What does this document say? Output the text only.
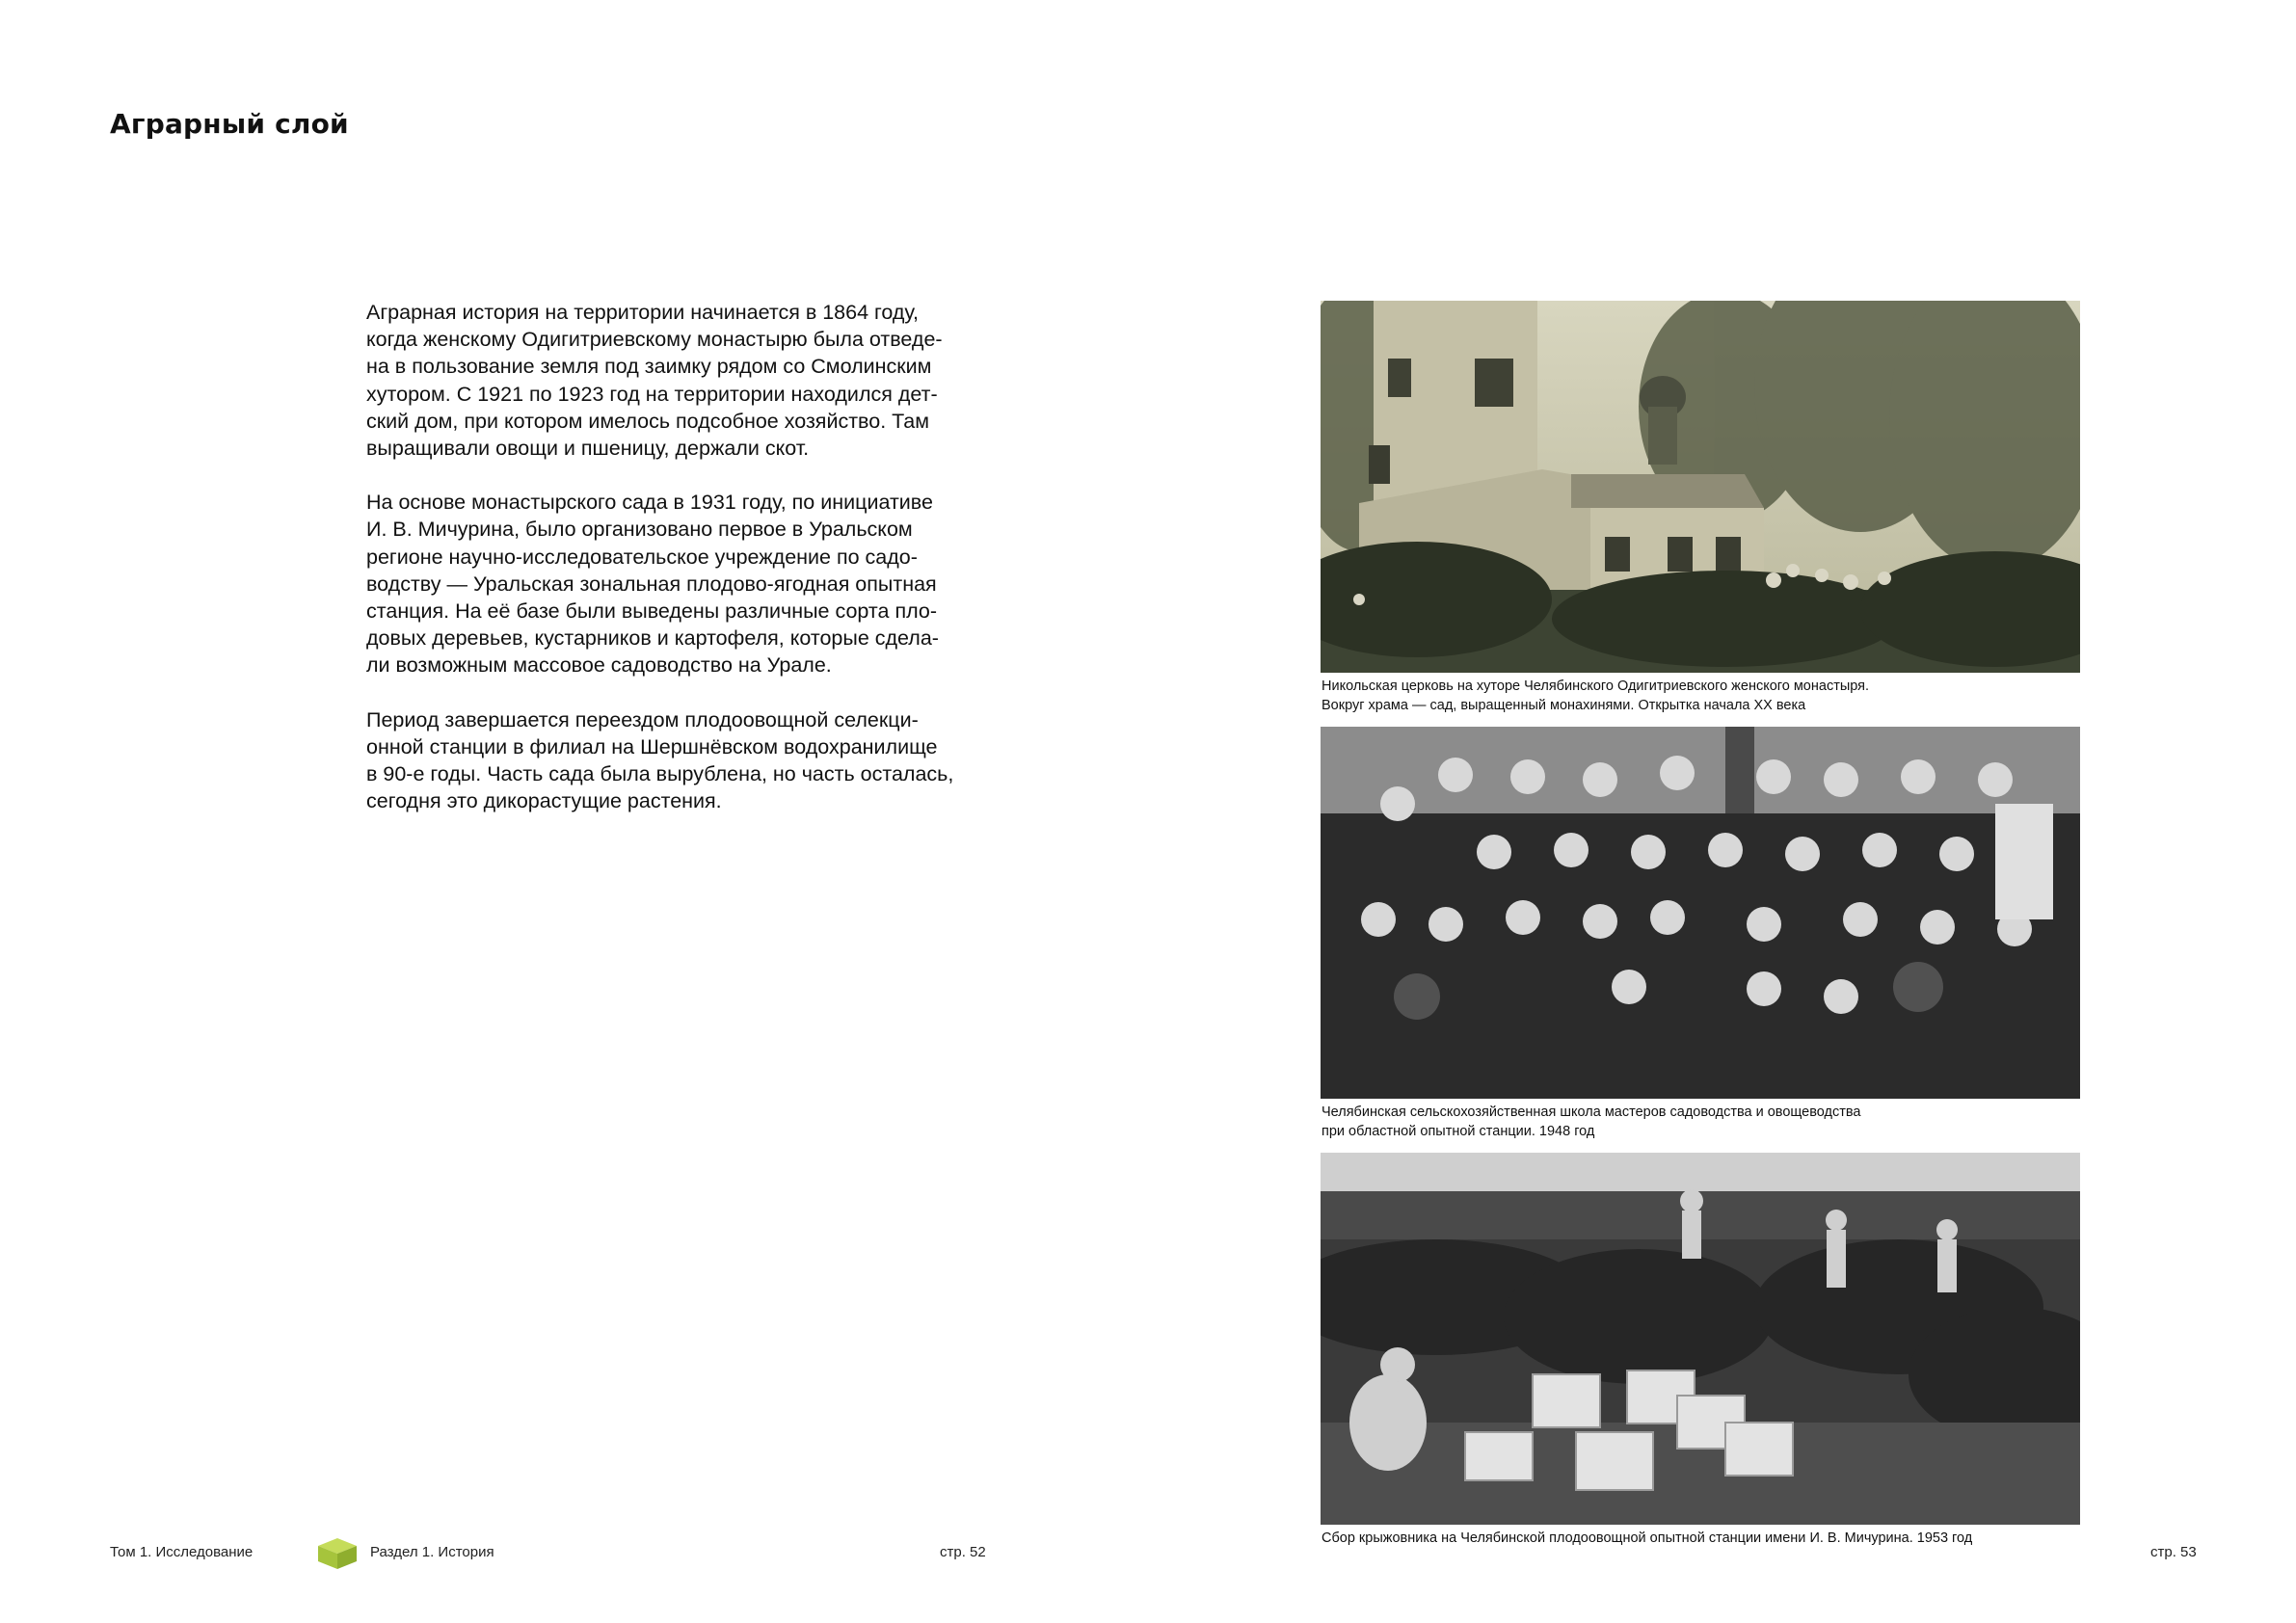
Аграрный слой

Аграрная история на территории начинается в 1864 году,
когда женскому Одигитриевскому монастырю была отведе-
на в пользование земля под заимку рядом со Смолинским
хутором. С 1921 по 1923 год на территории находился дет-
ский дом, при котором имелось подсобное хозяйство. Там
выращивали овощи и пшеницу, держали скот.

На основе монастырского сада в 1931 году, по инициативе
И. В. Мичурина, было организовано первое в Уральском
регионе научно-исследовательское учреждение по садо-
водству — Уральская зональная плодово-ягодная опытная
станция. На её базе были выведены различные сорта пло-
довых деревьев, кустарников и картофеля, которые сдела-
ли возможным массовое садоводство на Урале.

Период завершается переездом плодоовощной селекци-
онной станции в филиал на Шершнёвском водохранилище
в 90-е годы. Часть сада была вырублена, но часть осталась,
сегодня это дикорастущие растения.

Никольская церковь на хуторе Челябинского Одигитриевского женского монастыря.
Вокруг храма — сад, выращенный монахинями. Открытка начала XX века
Челябинская сельскохозяйственная школа мастеров садоводства и овощеводства
при областной опытной станции. 1948 год
Сбор крыжовника на Челябинской плодоовощной опытной станции имени И. В. Мичурина. 1953 год
Том 1. Исследование	Раздел 1. История	стр. 52	стр. 53
